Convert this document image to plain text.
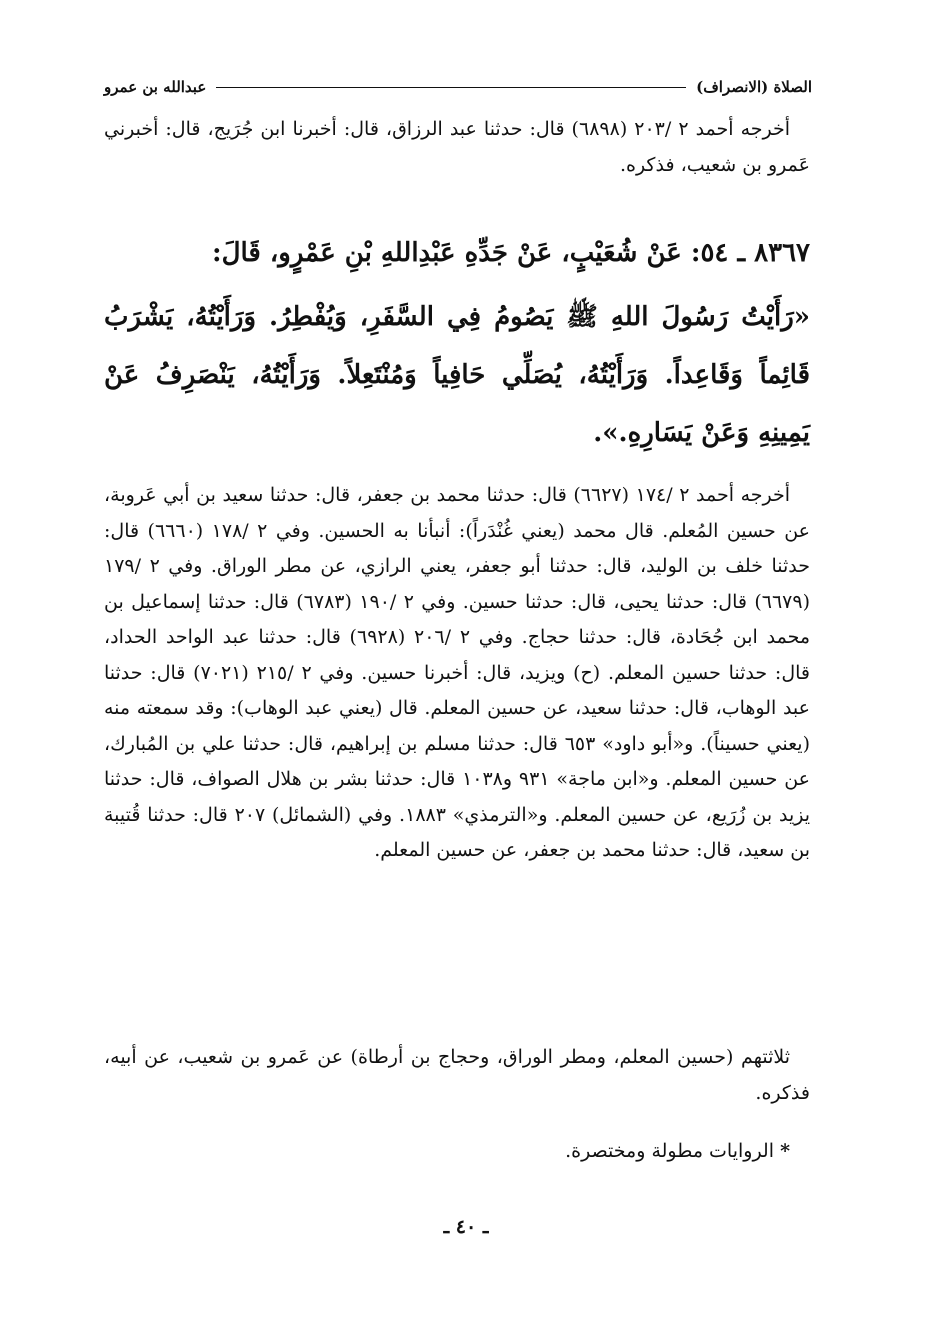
الصلاة (الانصراف)
عبدالله بن عمرو

أخرجه أحمد ٢ /٢٠٣ (٦٨٩٨) قال: حدثنا عبد الرزاق، قال: أخبرنا ابن جُرَيج، قال: أخبرني عَمرو بن شعيب، فذكره.

٨٣٦٧ ـ ٥٤: عَنْ شُعَيْبٍ، عَنْ جَدِّهِ عَبْدِاللهِ بْنِ عَمْرٍو، قَالَ:

«رَأَيْتُ رَسُولَ اللهِ ﷺ يَصُومُ فِي السَّفَرِ، وَيُفْطِرُ. وَرَأَيْتُهُ، يَشْرَبُ قَائِماً وَقَاعِداً. وَرَأَيْتُهُ، يُصَلِّي حَافِياً وَمُنْتَعِلاً. وَرَأَيْتُهُ، يَنْصَرِفُ عَنْ يَمِينِهِ وَعَنْ يَسَارِهِ.».

أخرجه أحمد ٢ /١٧٤ (٦٦٢٧) قال: حدثنا محمد بن جعفر، قال: حدثنا سعيد بن أبي عَروبة، عن حسين المُعلم. قال محمد (يعني غُنْدَراً): أنبأنا به الحسين. وفي ٢ /١٧٨ (٦٦٦٠) قال: حدثنا خلف بن الوليد، قال: حدثنا أبو جعفر، يعني الرازي، عن مطر الوراق. وفي ٢ /١٧٩ (٦٦٧٩) قال: حدثنا يحيى، قال: حدثنا حسين. وفي ٢ /١٩٠ (٦٧٨٣) قال: حدثنا إسماعيل بن محمد ابن جُحَادة، قال: حدثنا حجاج. وفي ٢ /٢٠٦ (٦٩٢٨) قال: حدثنا عبد الواحد الحداد، قال: حدثنا حسين المعلم. (ح) ويزيد، قال: أخبرنا حسين. وفي ٢ /٢١٥ (٧٠٢١) قال: حدثنا عبد الوهاب، قال: حدثنا سعيد، عن حسين المعلم. قال (يعني عبد الوهاب): وقد سمعته منه (يعني حسيناً). و«أبو داود» ٦٥٣ قال: حدثنا مسلم بن إبراهيم، قال: حدثنا علي بن المُبارك، عن حسين المعلم. و«ابن ماجة» ٩٣١ و١٠٣٨ قال: حدثنا بشر بن هلال الصواف، قال: حدثنا يزيد بن زُرَيع، عن حسين المعلم. و«الترمذي» ١٨٨٣. وفي (الشمائل) ٢٠٧ قال: حدثنا قُتيبة بن سعيد، قال: حدثنا محمد بن جعفر، عن حسين المعلم.

ثلاثتهم (حسين المعلم، ومطر الوراق، وحجاج بن أرطاة) عن عَمرو بن شعيب، عن أبيه، فذكره.

* الروايات مطولة ومختصرة.

ـ ٤٠ ـ
